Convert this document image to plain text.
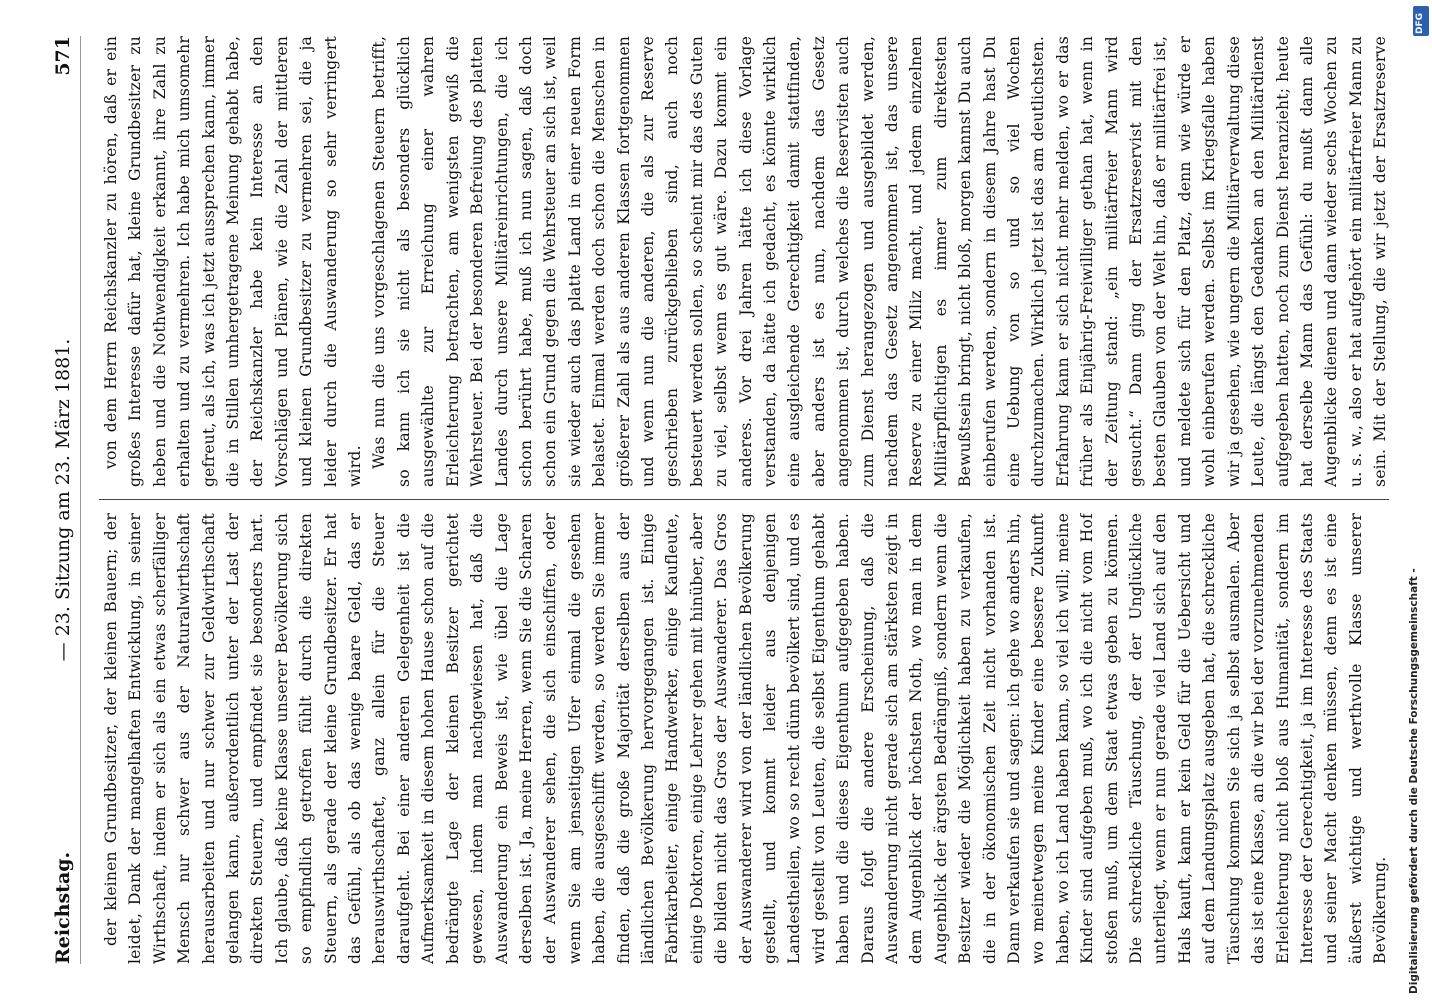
Reichstag.
— 23. Sitzung am 23. März 1881.
571

der kleinen Grundbesitzer, der kleinen Bauern; der leidet, Dank der mangelhaften Entwicklung, in seiner Wirthschaft, indem er sich als ein etwas scherfälliger Mensch nur schwer aus der Naturalwirthschaft herausarbeiten und nur schwer zur Geldwirthschaft gelangen kann, außerordentlich unter der Last der direkten Steuern, und empfindet sie besonders hart. Ich glaube, daß keine Klasse unserer Bevölkerung sich so empfindlich getroffen fühlt durch die direkten Steuern, als gerade der kleine Grundbesitzer. Er hat das Gefühl, als ob das wenige baare Geld, das er herauswirthschaftet, ganz allein für die Steuer daraufgeht. Bei einer anderen Gelegenheit ist die Aufmerksamkeit in diesem hohen Hause schon auf die bedrängte Lage der kleinen Besitzer gerichtet gewesen, indem man nachgewiesen hat, daß die Auswanderung ein Beweis ist, wie übel die Lage derselben ist. Ja, meine Herren, wenn Sie die Scharen der Auswanderer sehen, die sich einschiffen, oder wenn Sie am jenseitigen Ufer einmal die gesehen haben, die ausgeschifft werden, so werden Sie immer finden, daß die große Majorität derselben aus der ländlichen Bevölkerung hervorgegangen ist. Einige Fabrikarbeiter, einige Handwerker, einige Kaufleute, einige Doktoren, einige Lehrer gehen mit hinüber, aber die bilden nicht das Gros der Auswanderer. Das Gros der Auswanderer wird von der ländlichen Bevölkerung gestellt, und kommt leider aus denjenigen Landestheilen, wo so recht dünn bevölkert sind, und es wird gestellt von Leuten, die selbst Eigenthum gehabt haben und die dieses Eigenthum aufgegeben haben. Daraus folgt die andere Erscheinung, daß die Auswanderung nicht gerade sich am stärksten zeigt in dem Augenblick der höchsten Noth, wo man in dem Augenblick der ärgsten Bedrängniß, sondern wenn die Besitzer wieder die Möglichkeit haben zu verkaufen, die in der ökonomischen Zeit nicht vorhanden ist. Dann verkaufen sie und sagen: ich gehe wo anders hin, wo meinetwegen meine Kinder eine bessere Zukunft haben, wo ich Land haben kann, so viel ich will; meine Kinder sind aufgeben muß, wo ich die nicht vom Hof stoßen muß, um dem Staat etwas geben zu können. Die schreckliche Täuschung, der der Unglückliche unterliegt, wenn er nun gerade viel Land sich auf den Hals kauft, kann er kein Geld für die Uebersicht und auf dem Landungsplatz ausgeben hat, die schreckliche Täuschung kommen Sie sich ja selbst ausmalen. Aber das ist eine Klasse, an die wir bei der vorzunehmenden Erleichterung nicht bloß aus Humanität, sondern im Interesse der Gerechtigkeit, ja im Interesse des Staats und seiner Macht denken müssen, denn es ist eine äußerst wichtige und werthvolle Klasse unserer Bevölkerung.

von dem Herrn Reichskanzler zu hören, daß er ein großes Interesse dafür hat, kleine Grundbesitzer zu heben und die Nothwendigkeit erkannt, ihre Zahl zu erhalten und zu vermehren. Ich habe mich umsomehr gefreut, als ich, was ich jetzt aussprechen kann, immer die in Stillen umhergetragene Meinung gehabt habe, der Reichskanzler habe kein Interesse an den Vorschlägen und Plänen, wie die Zahl der mittleren und kleinen Grundbesitzer zu vermehren sei, die ja leider durch die Auswanderung so sehr verringert wird. Was nun die uns vorgeschlagenen Steuern betrifft, so kann ich sie nicht als besonders glücklich ausgewählte zur Erreichung einer wahren Erleichterung betrachten, am wenigsten gewiß die Wehrsteuer. Bei der besonderen Befreiung des platten Landes durch unsere Militäreinrichtungen, die ich schon berührt habe, muß ich nun sagen, daß doch schon ein Grund gegen die Wehrsteuer an sich ist, weil sie wieder auch das platte Land in einer neuen Form belastet. Einmal werden doch schon die Menschen in größerer Zahl als aus anderen Klassen fortgenommen und wenn nun die anderen, die als zur Reserve geschrieben zurückgeblieben sind, auch noch besteuert werden sollen, so scheint mir das des Guten zu viel, selbst wenn es gut wäre. Dazu kommt ein anderes. Vor drei Jahren hätte ich diese Vorlage verstanden, da hätte ich gedacht, es könnte wirklich eine ausgleichende Gerechtigkeit damit stattfinden, aber anders ist es nun, nachdem das Gesetz angenommen ist, durch welches die Reservisten auch zum Dienst herangezogen und ausgebildet werden, nachdem das Gesetz angenommen ist, das unsere Reserve zu einer Miliz macht, und jedem einzelnen Militärpflichtigen es immer zum direktesten Bewußtsein bringt, nicht bloß, morgen kannst Du auch einberufen werden, sondern in diesem Jahre hast Du eine Uebung von so und so viel Wochen durchzumachen. Wirklich jetzt ist das am deutlichsten. Erfahrung kann er sich nicht mehr melden, wo er das früher als Einjährig-Freiwilliger gethan hat, wenn in der Zeitung stand: „ein militärfreier Mann wird gesucht.“ Dann ging der Ersatzreservist mit den besten Glauben von der Welt hin, daß er militärfrei ist, und meldete sich für den Platz, denn wie würde er wohl einberufen werden. Selbst im Kriegsfalle haben wir ja gesehen, wie ungern die Militärverwaltung diese Leute, die längst den Gedanken an den Militärdienst aufgegeben hatten, noch zum Dienst heranzieht; heute hat derselbe Mann das Gefühl: du mußt dann alle Augenblicke dienen und dann wieder sechs Wochen zu u. s. w., also er hat aufgehört ein militärfreier Mann zu sein. Mit der Stellung, die wir jetzt der Ersatzreserve

Digitalisierung gefördert durch die Deutsche Forschungsgemeinschaft -
DFG
